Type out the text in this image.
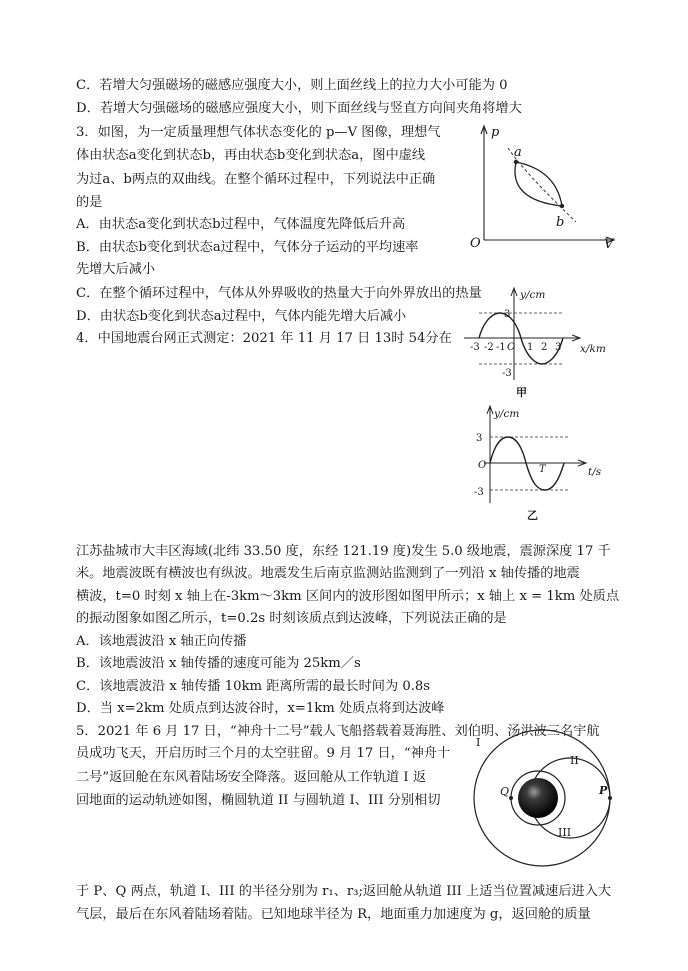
C．若增大匀强磁场的磁感应强度大小，则上面丝线上的拉力大小可能为 0
D．若增大匀强磁场的磁感应强度大小，则下面丝线与竖直方向间夹角将增大
3．如图，为一定质量理想气体状态变化的 p—V 图像，理想气
体由状态a变化到状态b，再由状态b变化到状态a，图中虚线
为过a、b两点的双曲线。在整个循环过程中，下列说法中正确
的是
A．由状态a变化到状态b过程中，气体温度先降低后升高
B．由状态b变化到状态a过程中，气体分子运动的平均速率
先增大后减小
C．在整个循环过程中，气体从外界吸收的热量大于向外界放出的热量
D．由状态b变化到状态a过程中，气体内能先增大后减小
4．中国地震台网正式测定：2021 年 11 月 17 日 13时 54分在
江苏盐城市大丰区海域(北纬 33.50 度，东经 121.19 度)发生 5.0 级地震，震源深度 17 千
米。地震波既有横波也有纵波。地震发生后南京监测站监测到了一列沿 x 轴传播的地震
横波，t=0 时刻 x 轴上在-3km～3km 区间内的波形图如图甲所示；x 轴上 x = 1km 处质点
的振动图象如图乙所示，t=0.2s 时刻该质点到达波峰，下列说法正确的是
A．该地震波沿 x 轴正向传播
B．该地震波沿 x 轴传播的速度可能为 25km／s
C．该地震波沿 x 轴传播 10km 距离所需的最长时间为 0.8s
D．当 x=2km 处质点到达波谷时，x=1km 处质点将到达波峰
5．2021 年 6 月 17 日，“神舟十二号”载人飞船搭载着聂海胜、刘伯明、汤洪波三名宇航
员成功飞天，开启历时三个月的太空驻留。9 月 17 日，“神舟十
二号”返回舱在东风着陆场安全降落。返回舱从工作轨道 I 返
回地面的运动轨迹如图，椭圆轨道 II 与圆轨道 I、III 分别相切
于 P、Q 两点，轨道 I、III 的半径分别为 r₁、r₃;返回舱从轨道 III 上适当位置减速后进入大
气层，最后在东风着陆场着陆。已知地球半径为 R，地面重力加速度为 g，返回舱的质量
p
V
O
a
b
y/cm
x/km
3
-3
O
-3 -2 -1 1 2 3
甲
y/cm
t/s
3
-3
O	T
乙
I
II
III
P
Q
